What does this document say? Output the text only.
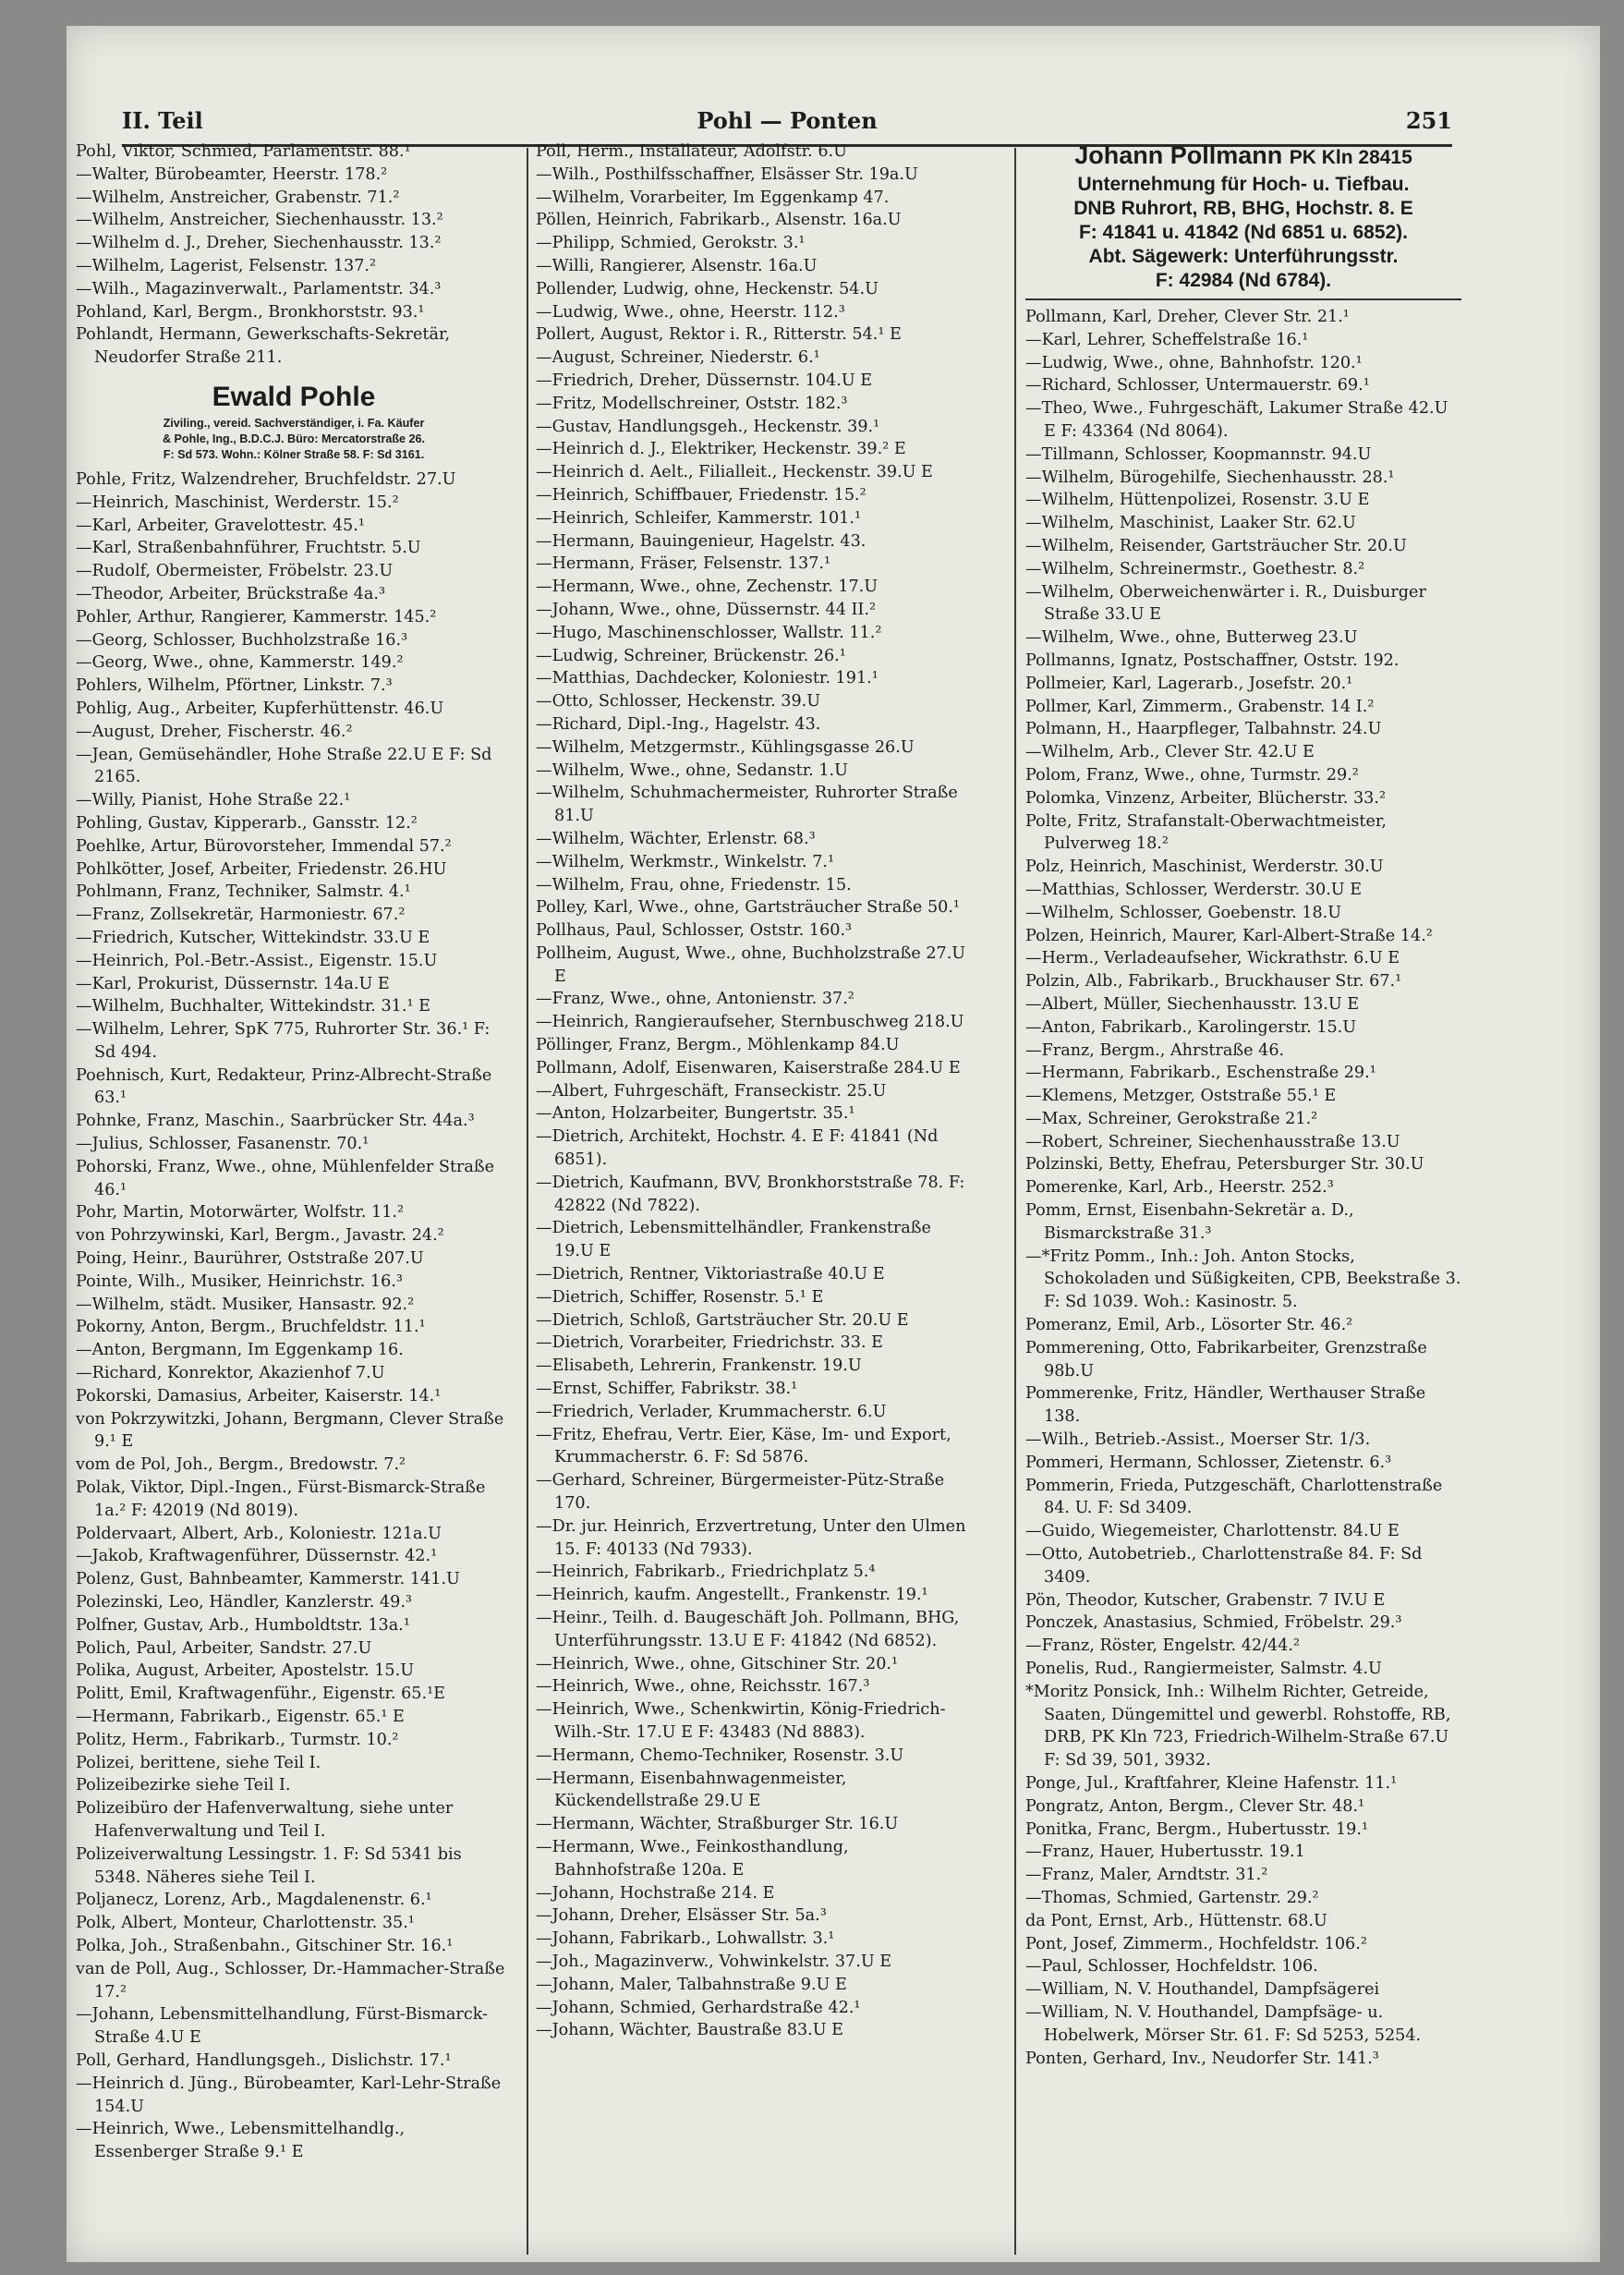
II. Teil	Pohl — Ponten	251
Pohl, Viktor, Schmied, Parlamentstr. 88.¹
—Walter, Bürobeamter, Heerstr. 178.²
—Wilhelm, Anstreicher, Grabenstr. 71.²
—Wilhelm, Anstreicher, Siechenhausstr. 13.²
—Wilhelm d. J., Dreher, Siechenhausstr. 13.²
—Wilhelm, Lagerist, Felsenstr. 137.²
—Wilh., Magazinverwalt., Parlamentstr. 34.³
Pohland, Karl, Bergm., Bronkhorststr. 93.¹
Pohlandt, Hermann, Gewerkschafts-Sekretär, Neudorfer Straße 211.
Ewald Pohle
Ziviling., vereid. Sachverständiger, i. Fa. Käufer
& Pohle, Ing., B.D.C.J. Büro: Mercatorstraße 26.
F: Sd 573. Wohn.: Kölner Straße 58. F: Sd 3161.
Pohle, Fritz, Walzendreher, Bruchfeldstr. 27.U
—Heinrich, Maschinist, Werderstr. 15.²
—Karl, Arbeiter, Gravelottestr. 45.¹
—Karl, Straßenbahnführer, Fruchtstr. 5.U
—Rudolf, Obermeister, Fröbelstr. 23.U
—Theodor, Arbeiter, Brückstraße 4a.³
Pohler, Arthur, Rangierer, Kammerstr. 145.²
—Georg, Schlosser, Buchholzstraße 16.³
—Georg, Wwe., ohne, Kammerstr. 149.²
Pohlers, Wilhelm, Pförtner, Linkstr. 7.³
Pohlig, Aug., Arbeiter, Kupferhüttenstr. 46.U
—August, Dreher, Fischerstr. 46.²
—Jean, Gemüsehändler, Hohe Straße 22.U E F: Sd 2165.
—Willy, Pianist, Hohe Straße 22.¹
Pohling, Gustav, Kipperarb., Gansstr. 12.²
Poehlke, Artur, Bürovorsteher, Immendal 57.²
Pohlkötter, Josef, Arbeiter, Friedenstr. 26.HU
Pohlmann, Franz, Techniker, Salmstr. 4.¹
—Franz, Zollsekretär, Harmoniestr. 67.²
—Friedrich, Kutscher, Wittekindstr. 33.U E
—Heinrich, Pol.-Betr.-Assist., Eigenstr. 15.U
—Karl, Prokurist, Düssernstr. 14a.U E
—Wilhelm, Buchhalter, Wittekindstr. 31.¹ E
—Wilhelm, Lehrer, SpK 775, Ruhrorter Str. 36.¹ F: Sd 494.
Poehnisch, Kurt, Redakteur, Prinz-Albrecht-Straße 63.¹
Pohnke, Franz, Maschin., Saarbrücker Str. 44a.³
—Julius, Schlosser, Fasanenstr. 70.¹
Pohorski, Franz, Wwe., ohne, Mühlenfelder Straße 46.¹
Pohr, Martin, Motorwärter, Wolfstr. 11.²
von Pohrzywinski, Karl, Bergm., Javastr. 24.²
Poing, Heinr., Baurührer, Oststraße 207.U
Pointe, Wilh., Musiker, Heinrichstr. 16.³
—Wilhelm, städt. Musiker, Hansastr. 92.²
Pokorny, Anton, Bergm., Bruchfeldstr. 11.¹
—Anton, Bergmann, Im Eggenkamp 16.
—Richard, Konrektor, Akazienhof 7.U
Pokorski, Damasius, Arbeiter, Kaiserstr. 14.¹
von Pokrzywitzki, Johann, Bergmann, Clever Straße 9.¹ E
vom de Pol, Joh., Bergm., Bredowstr. 7.²
Polak, Viktor, Dipl.-Ingen., Fürst-Bismarck-Straße 1a.² F: 42019 (Nd 8019).
Poldervaart, Albert, Arb., Koloniestr. 121a.U
—Jakob, Kraftwagenführer, Düssernstr. 42.¹
Polenz, Gust, Bahnbeamter, Kammerstr. 141.U
Polezinski, Leo, Händler, Kanzlerstr. 49.³
Polfner, Gustav, Arb., Humboldtstr. 13a.¹
Polich, Paul, Arbeiter, Sandstr. 27.U
Polika, August, Arbeiter, Apostelstr. 15.U
Politt, Emil, Kraftwagenführ., Eigenstr. 65.¹E
—Hermann, Fabrikarb., Eigenstr. 65.¹ E
Politz, Herm., Fabrikarb., Turmstr. 10.²
Polizei, berittene, siehe Teil I.
Polizeibezirke siehe Teil I.
Polizeibüro der Hafenverwaltung, siehe unter Hafenverwaltung und Teil I.
Polizeiverwaltung Lessingstr. 1. F: Sd 5341 bis 5348. Näheres siehe Teil I.
Poljanecz, Lorenz, Arb., Magdalenenstr. 6.¹
Polk, Albert, Monteur, Charlottenstr. 35.¹
Polka, Joh., Straßenbahn., Gitschiner Str. 16.¹
van de Poll, Aug., Schlosser, Dr.-Hammacher-Straße 17.²
—Johann, Lebensmittelhandlung, Fürst-Bismarck-Straße 4.U E
Poll, Gerhard, Handlungsgeh., Dislichstr. 17.¹
—Heinrich d. Jüng., Bürobeamter, Karl-Lehr-Straße 154.U
—Heinrich, Wwe., Lebensmittelhandlg., Essenberger Straße 9.¹ E
Poll, Herm., Installateur, Adolfstr. 6.U
—Wilh., Posthilfsschaffner, Elsässer Str. 19a.U
—Wilhelm, Vorarbeiter, Im Eggenkamp 47.
Pöllen, Heinrich, Fabrikarb., Alsenstr. 16a.U
—Philipp, Schmied, Gerokstr. 3.¹
—Willi, Rangierer, Alsenstr. 16a.U
Pollender, Ludwig, ohne, Heckenstr. 54.U
—Ludwig, Wwe., ohne, Heerstr. 112.³
Pollert, August, Rektor i. R., Ritterstr. 54.¹ E
—August, Schreiner, Niederstr. 6.¹
—Friedrich, Dreher, Düssernstr. 104.U E
—Fritz, Modellschreiner, Oststr. 182.³
—Gustav, Handlungsgeh., Heckenstr. 39.¹
—Heinrich d. J., Elektriker, Heckenstr. 39.² E
—Heinrich d. Aelt., Filialleit., Heckenstr. 39.U E
—Heinrich, Schiffbauer, Friedenstr. 15.²
—Heinrich, Schleifer, Kammerstr. 101.¹
—Hermann, Bauingenieur, Hagelstr. 43.
—Hermann, Fräser, Felsenstr. 137.¹
—Hermann, Wwe., ohne, Zechenstr. 17.U
—Johann, Wwe., ohne, Düssernstr. 44 II.²
—Hugo, Maschinenschlosser, Wallstr. 11.²
—Ludwig, Schreiner, Brückenstr. 26.¹
—Matthias, Dachdecker, Koloniestr. 191.¹
—Otto, Schlosser, Heckenstr. 39.U
—Richard, Dipl.-Ing., Hagelstr. 43.
—Wilhelm, Metzgermstr., Kühlingsgasse 26.U
—Wilhelm, Wwe., ohne, Sedanstr. 1.U
—Wilhelm, Schuhmachermeister, Ruhrorter Straße 81.U
—Wilhelm, Wächter, Erlenstr. 68.³
—Wilhelm, Werkmstr., Winkelstr. 7.¹
—Wilhelm, Frau, ohne, Friedenstr. 15.
Polley, Karl, Wwe., ohne, Gartsträucher Straße 50.¹
Pollhaus, Paul, Schlosser, Oststr. 160.³
Pollheim, August, Wwe., ohne, Buchholzstraße 27.U E
—Franz, Wwe., ohne, Antonienstr. 37.²
—Heinrich, Rangieraufseher, Sternbuschweg 218.U
Pöllinger, Franz, Bergm., Möhlenkamp 84.U
Pollmann, Adolf, Eisenwaren, Kaiserstraße 284.U E
—Albert, Fuhrgeschäft, Franseckistr. 25.U
—Anton, Holzarbeiter, Bungertstr. 35.¹
—Dietrich, Architekt, Hochstr. 4. E F: 41841 (Nd 6851).
—Dietrich, Kaufmann, BVV, Bronkhorststraße 78. F: 42822 (Nd 7822).
—Dietrich, Lebensmittelhändler, Frankenstraße 19.U E
—Dietrich, Rentner, Viktoriastraße 40.U E
—Dietrich, Schiffer, Rosenstr. 5.¹ E
—Dietrich, Schloß, Gartsträucher Str. 20.U E
—Dietrich, Vorarbeiter, Friedrichstr. 33. E
—Elisabeth, Lehrerin, Frankenstr. 19.U
—Ernst, Schiffer, Fabrikstr. 38.¹
—Friedrich, Verlader, Krummacherstr. 6.U
—Fritz, Ehefrau, Vertr. Eier, Käse, Im- und Export, Krummacherstr. 6. F: Sd 5876.
—Gerhard, Schreiner, Bürgermeister-Pütz-Straße 170.
—Dr. jur. Heinrich, Erzvertretung, Unter den Ulmen 15. F: 40133 (Nd 7933).
—Heinrich, Fabrikarb., Friedrichplatz 5.⁴
—Heinrich, kaufm. Angestellt., Frankenstr. 19.¹
—Heinr., Teilh. d. Baugeschäft Joh. Pollmann, BHG, Unterführungsstr. 13.U E F: 41842 (Nd 6852).
—Heinrich, Wwe., ohne, Gitschiner Str. 20.¹
—Heinrich, Wwe., ohne, Reichsstr. 167.³
—Heinrich, Wwe., Schenkwirtin, König-Friedrich-Wilh.-Str. 17.U E F: 43483 (Nd 8883).
—Hermann, Chemo-Techniker, Rosenstr. 3.U
—Hermann, Eisenbahnwagenmeister, Kückendellstraße 29.U E
—Hermann, Wächter, Straßburger Str. 16.U
—Hermann, Wwe., Feinkosthandlung, Bahnhofstraße 120a. E
—Johann, Hochstraße 214. E
—Johann, Dreher, Elsässer Str. 5a.³
—Johann, Fabrikarb., Lohwallstr. 3.¹
—Joh., Magazinverw., Vohwinkelstr. 37.U E
—Johann, Maler, Talbahnstraße 9.U E
—Johann, Schmied, Gerhardstraße 42.¹
—Johann, Wächter, Baustraße 83.U E
Johann Pollmann PK Kln 28415
Unternehmung für Hoch- u. Tiefbau.
DNB Ruhrort, RB, BHG, Hochstr. 8. E
F: 41841 u. 41842 (Nd 6851 u. 6852).
Abt. Sägewerk: Unterführungsstr.
F: 42984 (Nd 6784).
Pollmann, Karl, Dreher, Clever Str. 21.¹
—Karl, Lehrer, Scheffelstraße 16.¹
—Ludwig, Wwe., ohne, Bahnhofstr. 120.¹
—Richard, Schlosser, Untermauerstr. 69.¹
—Theo, Wwe., Fuhrgeschäft, Lakumer Straße 42.U E F: 43364 (Nd 8064).
—Tillmann, Schlosser, Koopmannstr. 94.U
—Wilhelm, Bürogehilfe, Siechenhausstr. 28.¹
—Wilhelm, Hüttenpolizei, Rosenstr. 3.U E
—Wilhelm, Maschinist, Laaker Str. 62.U
—Wilhelm, Reisender, Gartsträucher Str. 20.U
—Wilhelm, Schreinermstr., Goethestr. 8.²
—Wilhelm, Oberweichenwärter i. R., Duisburger Straße 33.U E
—Wilhelm, Wwe., ohne, Butterweg 23.U
Pollmanns, Ignatz, Postschaffner, Oststr. 192.
Pollmeier, Karl, Lagerarb., Josefstr. 20.¹
Pollmer, Karl, Zimmerm., Grabenstr. 14 I.²
Polmann, H., Haarpfleger, Talbahnstr. 24.U
—Wilhelm, Arb., Clever Str. 42.U E
Polom, Franz, Wwe., ohne, Turmstr. 29.²
Polomka, Vinzenz, Arbeiter, Blücherstr. 33.²
Polte, Fritz, Strafanstalt-Oberwachtmeister, Pulverweg 18.²
Polz, Heinrich, Maschinist, Werderstr. 30.U
—Matthias, Schlosser, Werderstr. 30.U E
—Wilhelm, Schlosser, Goebenstr. 18.U
Polzen, Heinrich, Maurer, Karl-Albert-Straße 14.²
—Herm., Verladeaufseher, Wickrathstr. 6.U E
Polzin, Alb., Fabrikarb., Bruckhauser Str. 67.¹
—Albert, Müller, Siechenhausstr. 13.U E
—Anton, Fabrikarb., Karolingerstr. 15.U
—Franz, Bergm., Ahrstraße 46.
—Hermann, Fabrikarb., Eschenstraße 29.¹
—Klemens, Metzger, Oststraße 55.¹ E
—Max, Schreiner, Gerokstraße 21.²
—Robert, Schreiner, Siechenhausstraße 13.U
Polzinski, Betty, Ehefrau, Petersburger Str. 30.U
Pomerenke, Karl, Arb., Heerstr. 252.³
Pomm, Ernst, Eisenbahn-Sekretär a. D., Bismarckstraße 31.³
—*Fritz Pomm., Inh.: Joh. Anton Stocks, Schokoladen und Süßigkeiten, CPB, Beekstraße 3. F: Sd 1039. Woh.: Kasinostr. 5.
Pomeranz, Emil, Arb., Lösorter Str. 46.²
Pommerening, Otto, Fabrikarbeiter, Grenzstraße 98b.U
Pommerenke, Fritz, Händler, Werthauser Straße 138.
—Wilh., Betrieb.-Assist., Moerser Str. 1/3.
Pommeri, Hermann, Schlosser, Zietenstr. 6.³
Pommerin, Frieda, Putzgeschäft, Charlottenstraße 84. U. F: Sd 3409.
—Guido, Wiegemeister, Charlottenstr. 84.U E
—Otto, Autobetrieb., Charlottenstraße 84. F: Sd 3409.
Pön, Theodor, Kutscher, Grabenstr. 7 IV.U E
Ponczek, Anastasius, Schmied, Fröbelstr. 29.³
—Franz, Röster, Engelstr. 42/44.²
Ponelis, Rud., Rangiermeister, Salmstr. 4.U
*Moritz Ponsick, Inh.: Wilhelm Richter, Getreide, Saaten, Düngemittel und gewerbl. Rohstoffe, RB, DRB, PK Kln 723, Friedrich-Wilhelm-Straße 67.U F: Sd 39, 501, 3932.
Ponge, Jul., Kraftfahrer, Kleine Hafenstr. 11.¹
Pongratz, Anton, Bergm., Clever Str. 48.¹
Ponitka, Franc, Bergm., Hubertusstr. 19.¹
—Franz, Hauer, Hubertusstr. 19.1
—Franz, Maler, Arndtstr. 31.²
—Thomas, Schmied, Gartenstr. 29.²
da Pont, Ernst, Arb., Hüttenstr. 68.U
Pont, Josef, Zimmerm., Hochfeldstr. 106.²
—Paul, Schlosser, Hochfeldstr. 106.
—William, N. V. Houthandel, Dampfsägerei
—William, N. V. Houthandel, Dampfsäge- u. Hobelwerk, Mörser Str. 61. F: Sd 5253, 5254.
Ponten, Gerhard, Inv., Neudorfer Str. 141.³
